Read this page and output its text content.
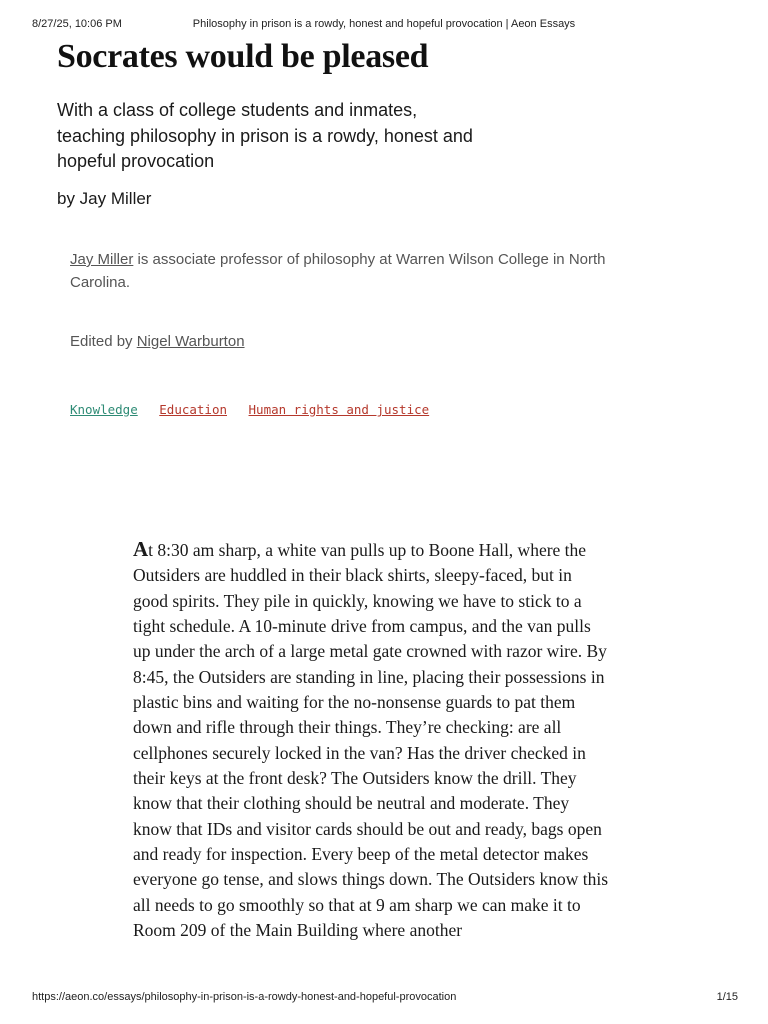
8/27/25, 10:06 PM	Philosophy in prison is a rowdy, honest and hopeful provocation | Aeon Essays
Socrates would be pleased

With a class of college students and inmates, teaching philosophy in prison is a rowdy, honest and hopeful provocation

by Jay Miller

Jay Miller is associate professor of philosophy at Warren Wilson College in North Carolina.

Edited by Nigel Warburton

Knowledge Education Human rights and justice

At 8:30 am sharp, a white van pulls up to Boone Hall, where the Outsiders are huddled in their black shirts, sleepy-faced, but in good spirits. They pile in quickly, knowing we have to stick to a tight schedule. A 10-minute drive from campus, and the van pulls up under the arch of a large metal gate crowned with razor wire. By 8:45, the Outsiders are standing in line, placing their possessions in plastic bins and waiting for the no-nonsense guards to pat them down and rifle through their things. They’re checking: are all cellphones securely locked in the van? Has the driver checked in their keys at the front desk? The Outsiders know the drill. They know that their clothing should be neutral and moderate. They know that IDs and visitor cards should be out and ready, bags open and ready for inspection. Every beep of the metal detector makes everyone go tense, and slows things down. The Outsiders know this all needs to go smoothly so that at 9 am sharp we can make it to Room 209 of the Main Building where another

https://aeon.co/essays/philosophy-in-prison-is-a-rowdy-honest-and-hopeful-provocation	1/15
